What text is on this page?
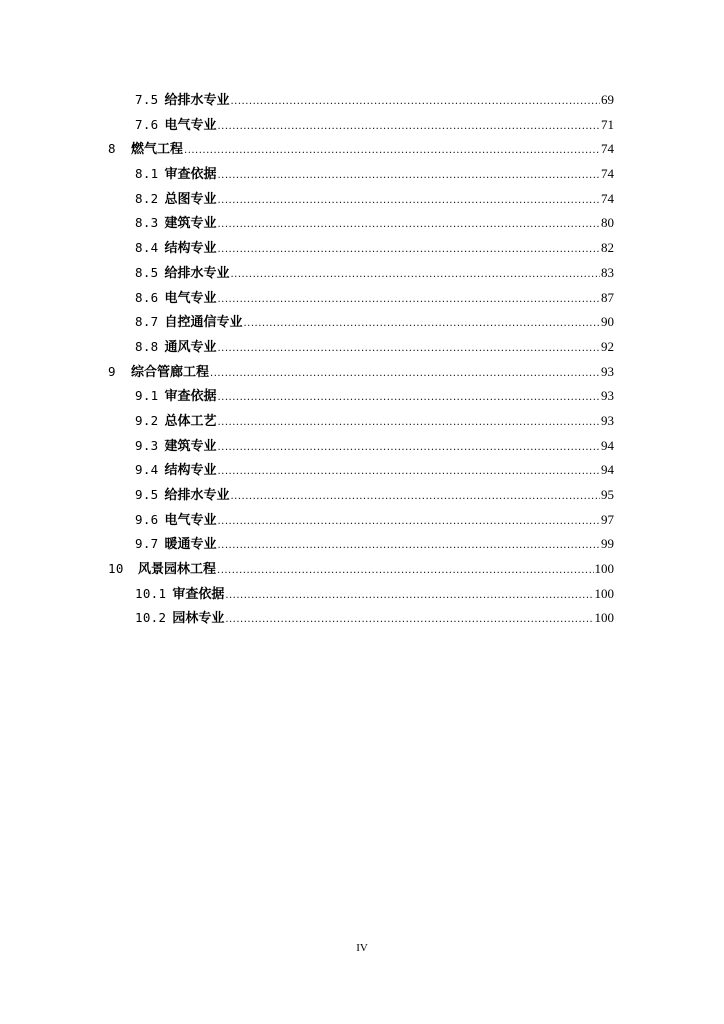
7.5 给排水专业 .....	69
7.6 电气专业 .....	71
8	燃气工程 .....	74
8.1 审查依据 .....	74
8.2 总图专业 .....	74
8.3 建筑专业 .....	80
8.4 结构专业 .....	82
8.5 给排水专业 .....	83
8.6 电气专业 .....	87
8.7 自控通信专业 .....	90
8.8 通风专业 .....	92
9	综合管廊工程 .....	93
9.1 审查依据 .....	93
9.2 总体工艺 .....	93
9.3 建筑专业 .....	94
9.4 结构专业 .....	94
9.5 给排水专业 .....	95
9.6 电气专业 .....	97
9.7 暖通专业 .....	99
10	风景园林工程 .....	100
10.1 审查依据 .....	100
10.2 园林专业 .....	100
IV
